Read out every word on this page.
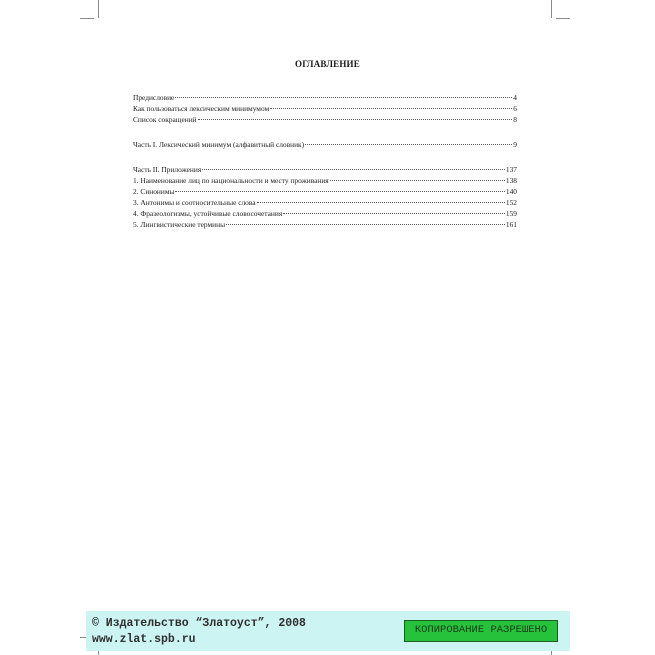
ОГЛАВЛЕНИЕ
Предисловие	4
Как пользоваться лексическим минимумом	6
Список сокращений	8
Часть I. Лексический минимум (алфавитный словник)	9
Часть II. Приложения	137
1. Наименование лиц по национальности и месту проживания	138
2. Синонимы	140
3. Антонимы и соотносительные слова	152
4. Фразеологизмы, устойчивые словосочетания	159
5. Лингвистические термины	161
© Издательство “Златоуст”, 2008
www.zlat.spb.ru
КОПИРОВАНИЕ РАЗРЕШЕНО
